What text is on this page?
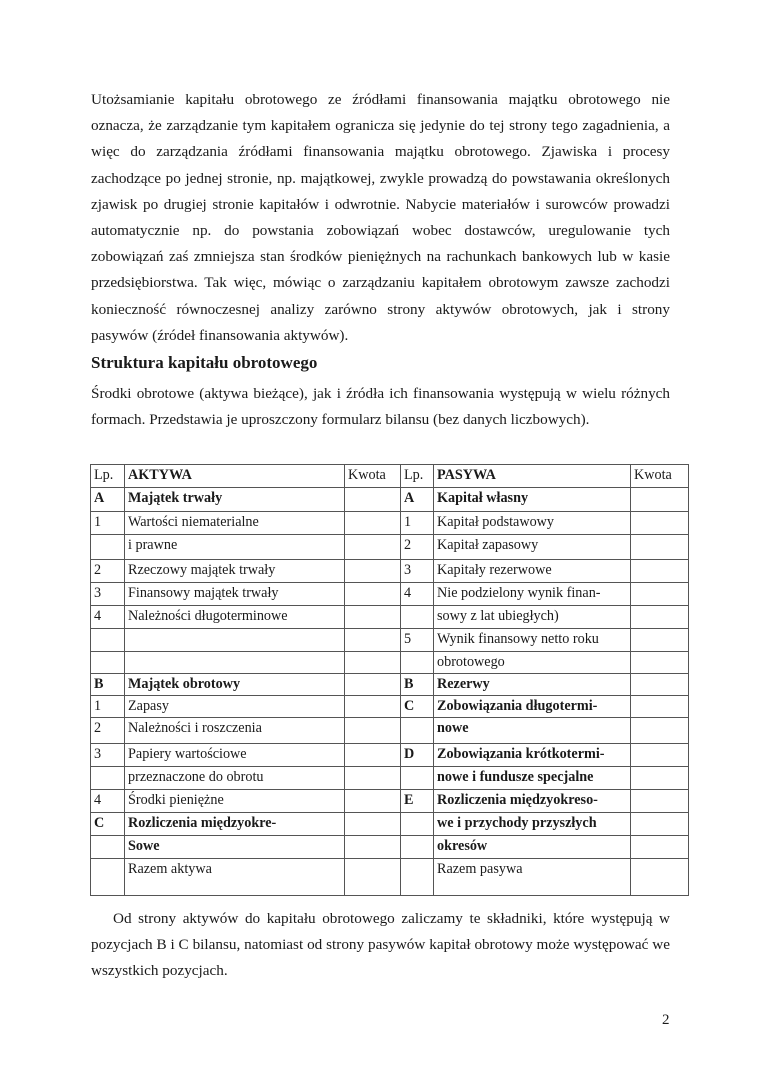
Utożsamianie kapitału obrotowego ze źródłami finansowania majątku obrotowego nie oznacza, że zarządzanie tym kapitałem ogranicza się jedynie do tej strony tego zagadnienia, a więc do zarządzania źródłami finansowania majątku obrotowego. Zjawiska i procesy zachodzące po jednej stronie, np. majątkowej, zwykle prowadzą do powstawania określonych zjawisk po drugiej stronie kapitałów i odwrotnie. Nabycie materiałów i surowców prowadzi automatycznie np. do powstania zobowiązań wobec dostawców, uregulowanie tych zobowiązań zaś zmniejsza stan środków pieniężnych na rachunkach bankowych lub w kasie przedsiębiorstwa. Tak więc, mówiąc o zarządzaniu kapitałem obrotowym zawsze zachodzi konieczność równoczesnej analizy zarówno strony aktywów obrotowych, jak i strony pasywów (źródeł finansowania aktywów).

Struktura kapitału obrotowego

Środki obrotowe (aktywa bieżące), jak i źródła ich finansowania występują w wielu różnych formach. Przedstawia je uproszczony formularz bilansu (bez danych liczbowych).

Lp.	AKTYWA	Kwota	Lp.	PASYWA	Kwota
A	Majątek trwały		A	Kapitał własny	
1	Wartości niematerialne		1	Kapitał podstawowy	
	i prawne		2	Kapitał zapasowy	
2	Rzeczowy majątek trwały		3	Kapitały rezerwowe	
3	Finansowy majątek trwały		4	Nie podzielony wynik finan-	
4	Należności długoterminowe			sowy z lat ubiegłych)	
			5	Wynik finansowy netto roku	
				obrotowego	
B	Majątek obrotowy		B	Rezerwy	
1	Zapasy		C	Zobowiązania długotermi-	
2	Należności i roszczenia			nowe	
3	Papiery wartościowe		D	Zobowiązania krótkotermi-	
	przeznaczone do obrotu			nowe i fundusze specjalne	
4	Środki pieniężne		E	Rozliczenia międzyokreso-	
C	Rozliczenia międzyokre-			we i przychody przyszłych	
	Sowe			okresów	
	Razem aktywa			Razem pasywa	

Od strony aktywów do kapitału obrotowego zaliczamy te składniki, które występują w pozycjach B i C bilansu, natomiast od strony pasywów kapitał obrotowy może występować we wszystkich pozycjach.

2
